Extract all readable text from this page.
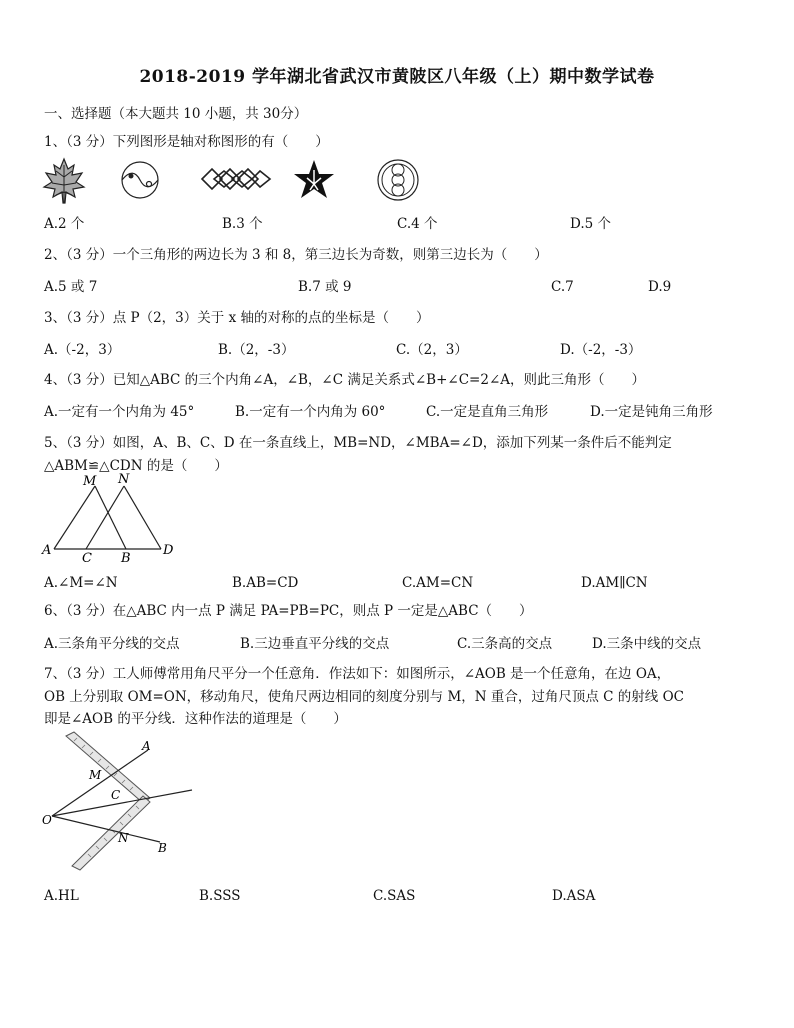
2018-2019 学年湖北省武汉市黄陂区八年级（上）期中数学试卷
一、选择题（本大题共 10 小题，共 30分）
1、（3 分）下列图形是轴对称图形的有（　　）
A.2 个	B.3 个	C.4 个	D.5 个
2、（3 分）一个三角形的两边长为 3 和 8，第三边长为奇数，则第三边长为（　　）
A.5 或 7	B.7 或 9	C.7	D.9
3、（3 分）点 P（2，3）关于 x 轴的对称的点的坐标是（　　）
A.（-2，3）	B.（2，-3）	C.（2，3）	D.（-2，-3）
4、（3 分）已知△ABC 的三个内角∠A，∠B，∠C 满足关系式∠B+∠C=2∠A，则此三角形（　　）
A.一定有一个内角为 45°	B.一定有一个内角为 60°	C.一定是直角三角形	D.一定是钝角三角形
5、（3 分）如图，A、B、C、D 在一条直线上，MB=ND，∠MBA=∠D，添加下列某一条件后不能判定
△ABM≌△CDN 的是（　　）
M N
A
C B
D
A.∠M=∠N	B.AB=CD	C.AM=CN	D.AM∥CN
6、（3 分）在△ABC 内一点 P 满足 PA=PB=PC，则点 P 一定是△ABC（　　）
A.三条角平分线的交点	B.三边垂直平分线的交点	C.三条高的交点	D.三条中线的交点
7、（3 分）工人师傅常用角尺平分一个任意角．作法如下：如图所示，∠AOB 是一个任意角，在边 OA，
OB 上分别取 OM=ON，移动角尺，使角尺两边相同的刻度分别与 M，N 重合，过角尺顶点 C 的射线 OC
即是∠AOB 的平分线．这种作法的道理是（　　）
A
M
C
O
N
B
A.HL	B.SSS	C.SAS	D.ASA
